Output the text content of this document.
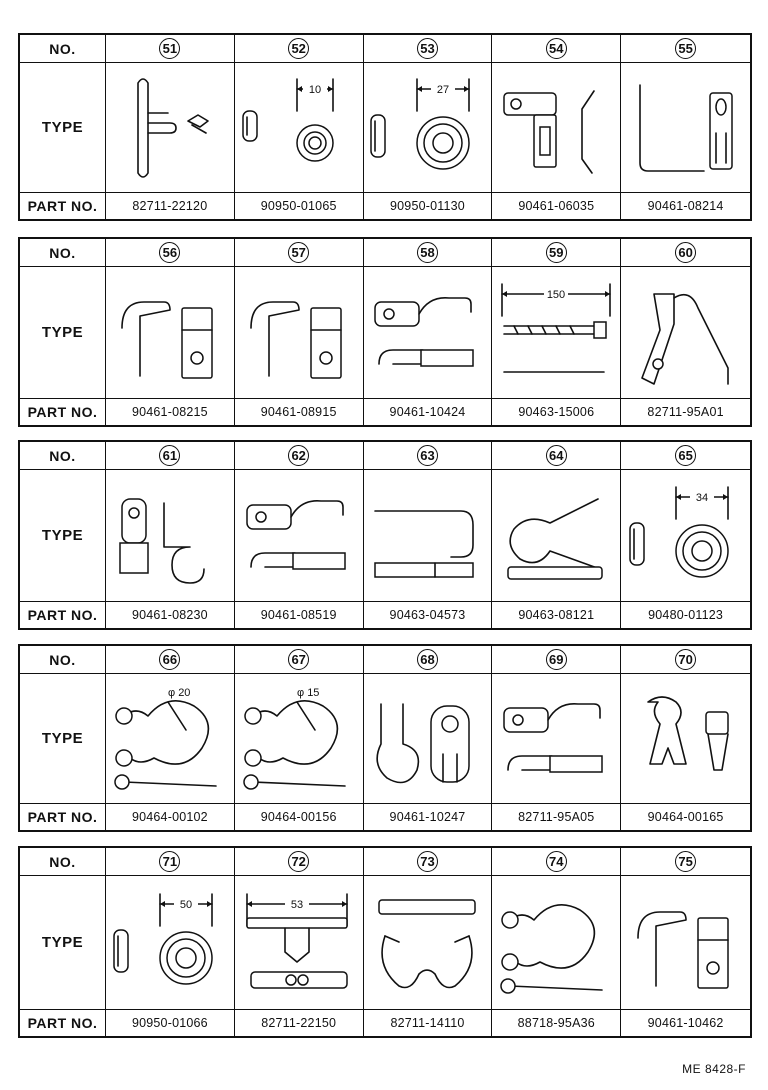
NO.	51	52	53	54	55
TYPE
10	27
PART NO.	82711-22120	90950-01065	90950-01130	90461-06035	90461-08214
NO.	56	57	58	59	60
TYPE
150
PART NO.	90461-08215	90461-08915	90461-10424	90463-15006	82711-95A01
NO.	61	62	63	64	65
TYPE
34
PART NO.	90461-08230	90461-08519	90463-04573	90463-08121	90480-01123
NO.	66	67	68	69	70
TYPE
φ 20	φ 15
PART NO.	90464-00102	90464-00156	90461-10247	82711-95A05	90464-00165
NO.	71	72	73	74	75
TYPE
50	53
PART NO.	90950-01066	82711-22150	82711-14110	88718-95A36	90461-10462
ME 8428-F
